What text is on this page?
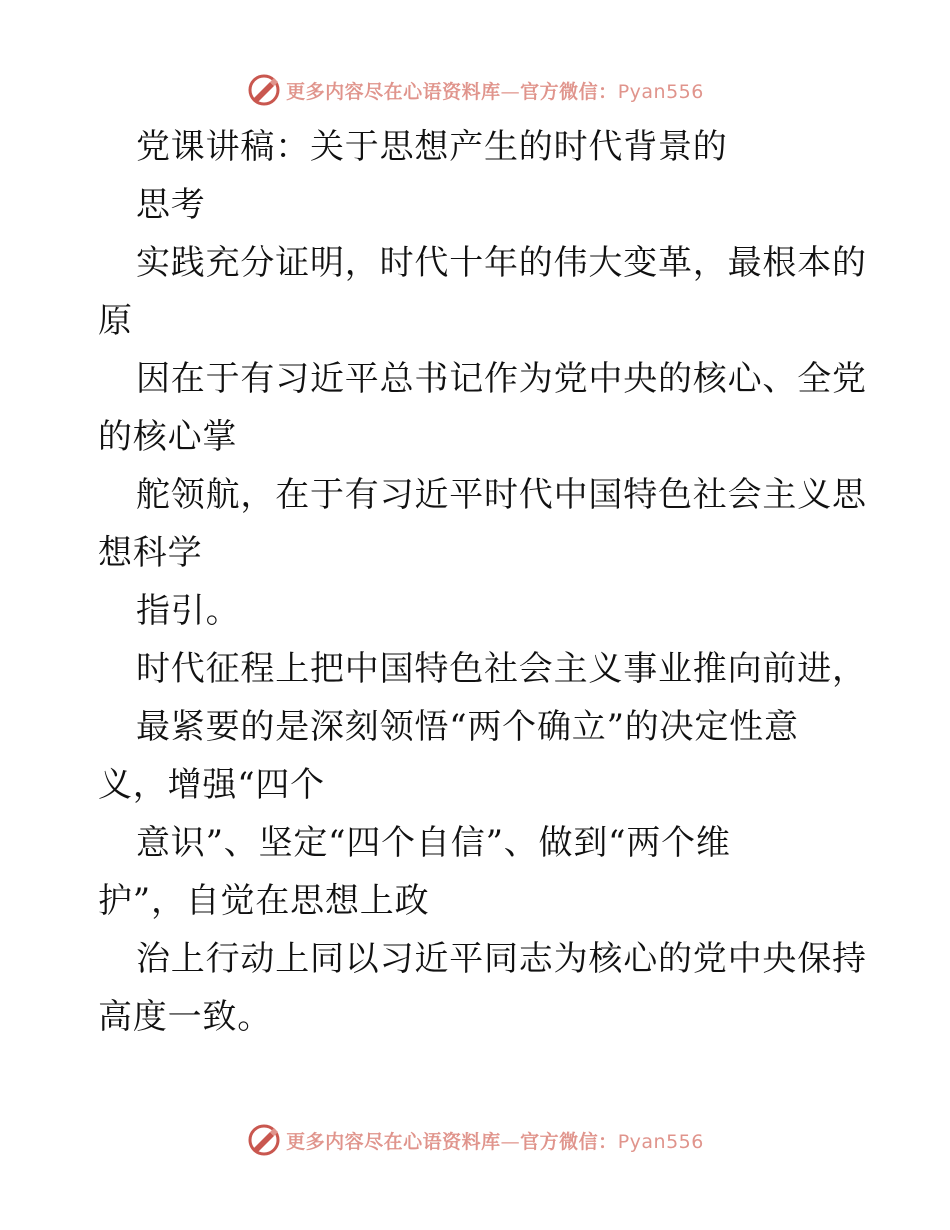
更多内容尽在心语资料库—官方微信：Pyan556
党课讲稿：关于思想产生的时代背景的
思考
实践充分证明，时代十年的伟大变革，最根本的
原
因在于有习近平总书记作为党中央的核心、全党
的核心掌
舵领航，在于有习近平时代中国特色社会主义思
想科学
指引。
时代征程上把中国特色社会主义事业推向前进，
最紧要的是深刻领悟“两个确立”的决定性意
义，增强“四个
意识”、坚定“四个自信”、做到“两个维
护”，自觉在思想上政
治上行动上同以习近平同志为核心的党中央保持
高度一致。
更多内容尽在心语资料库—官方微信：Pyan556
